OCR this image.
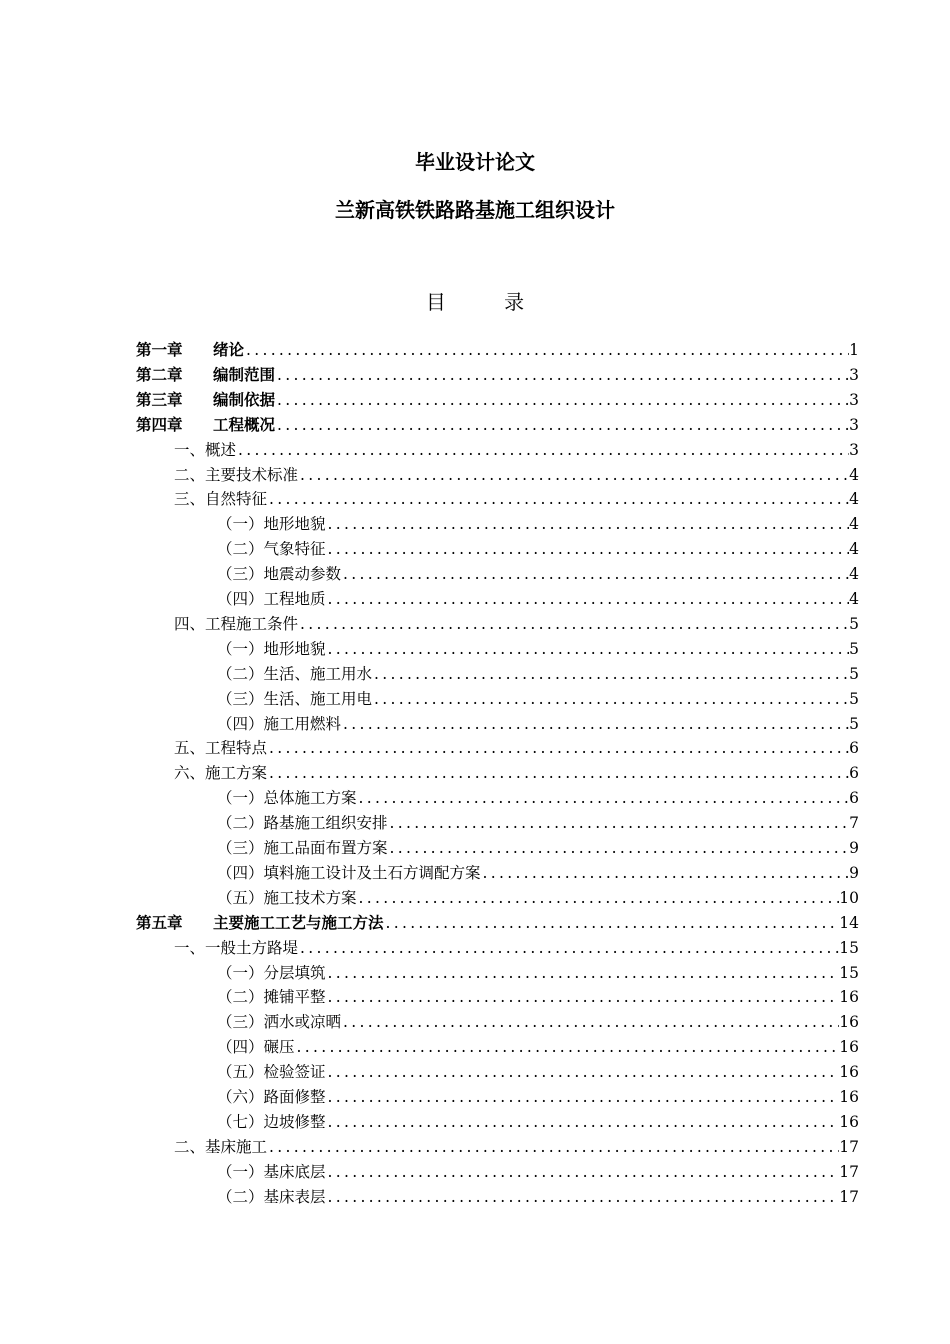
毕业设计论文
兰新高铁铁路路基施工组织设计
目 录
第一章	绪论 .....	1
第二章	编制范围 .....	3
第三章	编制依据 .....	3
第四章	工程概况 .....	3
一、 概述 .....	3
二、 主要技术标准 .....	4
三、 自然特征 .....	4
（一） 地形地貌 .....	4
（二） 气象特征 .....	4
（三） 地震动参数 .....	4
（四） 工程地质 .....	4
四、 工程施工条件 .....	5
（一） 地形地貌 .....	5
（二） 生活、施工用水 .....	5
（三） 生活、施工用电 .....	5
（四） 施工用燃料 .....	5
五、 工程特点 .....	6
六、 施工方案 .....	6
（一） 总体施工方案 .....	6
（二） 路基施工组织安排 .....	7
（三） 施工品面布置方案 .....	9
（四） 填料施工设计及土石方调配方案 .....	9
（五） 施工技术方案 .....	10
第五章	主要施工工艺与施工方法 .....	14
一、 一般土方路堤 .....	15
（一） 分层填筑 .....	15
（二） 摊铺平整 .....	16
（三） 洒水或凉晒 .....	16
（四） 碾压 .....	16
（五） 检验签证 .....	16
（六） 路面修整 .....	16
（七） 边坡修整 .....	16
二、 基床施工 .....	17
（一） 基床底层 .....	17
（二） 基床表层 .....	17
